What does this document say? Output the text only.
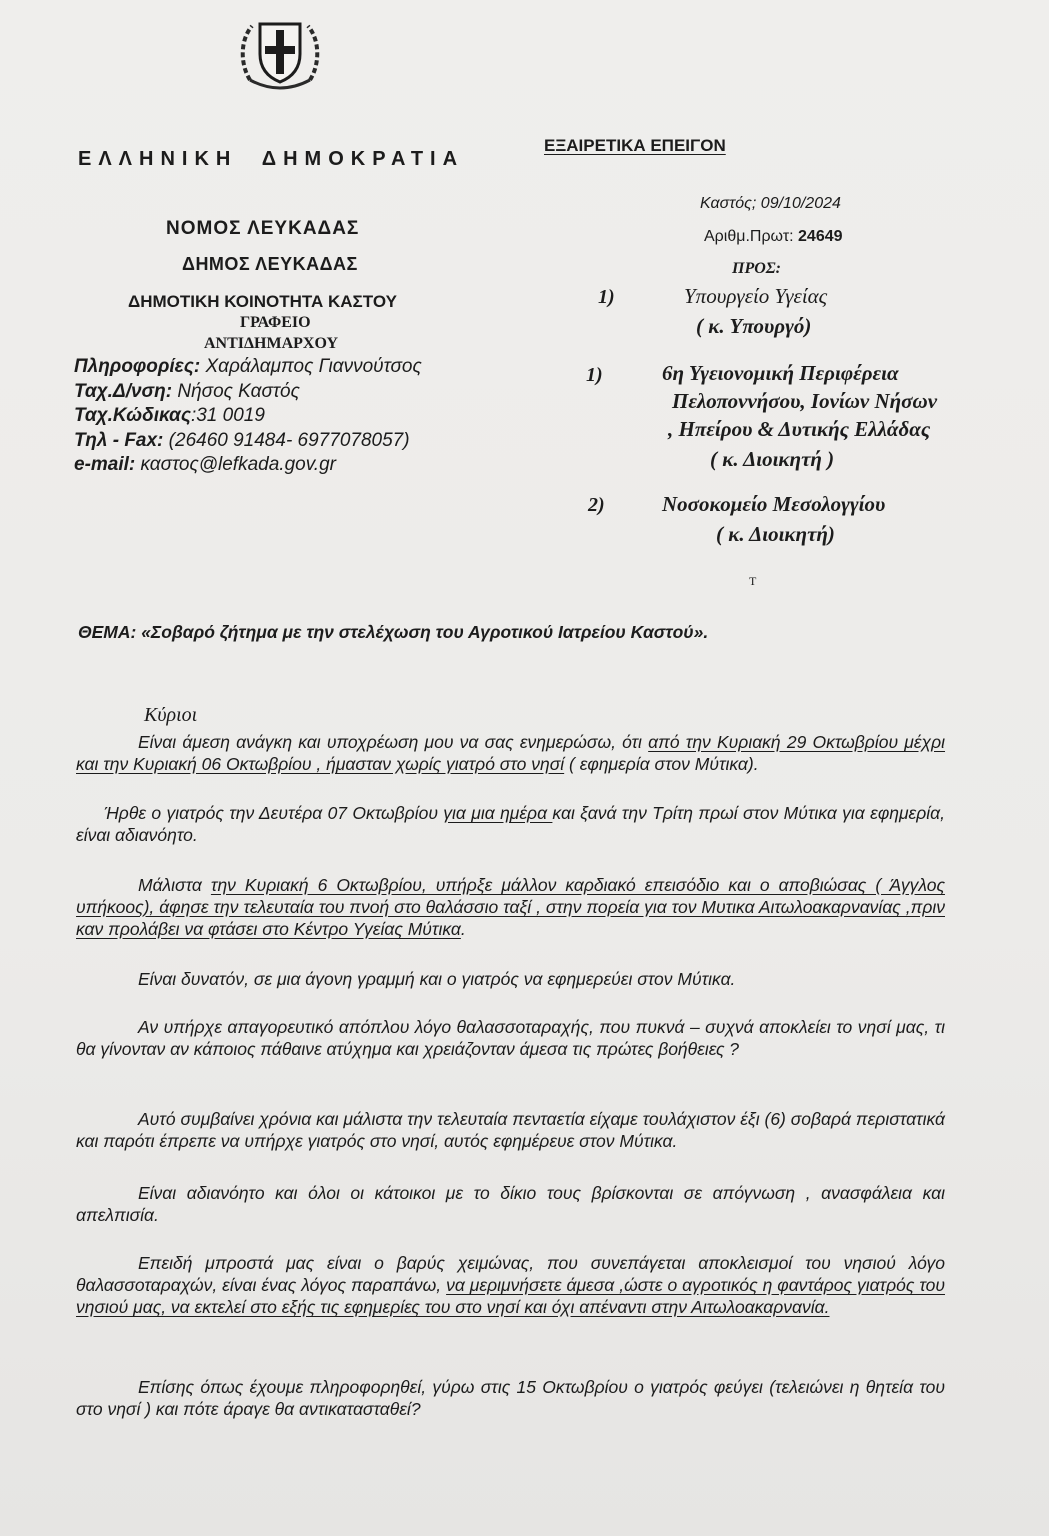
ΕΛΛΗΝΙΚΗ  ΔΗΜΟΚΡΑΤΙΑ
ΕΞΑΙΡΕΤΙΚΑ ΕΠΕΙΓΟΝ
ΝΟΜΟΣ ΛΕΥΚΑΔΑΣ
ΔΗΜΟΣ ΛΕΥΚΑΔΑΣ
ΔΗΜΟΤΙΚΗ ΚΟΙΝΟΤΗΤΑ ΚΑΣΤΟΥ
ΓΡΑΦΕΙΟ
ΑΝΤΙΔΗΜΑΡΧΟΥ
Πληροφορίες: Χαράλαμπος Γιαννούτσος
Ταχ.Δ/νση: Νήσος Καστός
Ταχ.Κώδικας:31 0019
Τηλ - Fax: (26460 91484- 6977078057)
e-mail: καστος@lefkada.gov.gr
Καστός; 09/10/2024
Αριθμ.Πρωτ: 24649
ΠΡΟΣ:
1)	Υπουργείο Υγείας
( κ. Υπουργό)
1)	6η Υγειονομική Περιφέρεια
Πελοποννήσου, Ιονίων Νήσων
, Ηπείρου & Δυτικής Ελλάδας
( κ. Διοικητή )
2)	Νοσοκομείο Μεσολογγίου
( κ. Διοικητή)
T
ΘΕΜΑ: «Σοβαρό ζήτημα με την στελέχωση του Αγροτικού Ιατρείου Καστού».
Κύριοι

Είναι άμεση ανάγκη και υποχρέωση μου να σας ενημερώσω, ότι από την Κυριακή 29 Οκτωβρίου μέχρι και την Κυριακή 06 Οκτωβρίου , ήμασταν χωρίς γιατρό στο νησί ( εφημερία στον Μύτικα).

Ήρθε ο γιατρός την Δευτέρα 07 Οκτωβρίου για μια ημέρα και ξανά την Τρίτη πρωί στον Μύτικα για εφημερία, είναι αδιανόητο.

Μάλιστα την Κυριακή 6 Οκτωβρίου, υπήρξε μάλλον καρδιακό επεισόδιο και ο αποβιώσας ( Άγγλος υπήκοος), άφησε την τελευταία του πνοή στο θαλάσσιο ταξί , στην πορεία για τον Μυτικα Αιτωλοακαρνανίας ,πριν καν προλάβει να φτάσει στο Κέντρο Υγείας Μύτικα.

Είναι δυνατόν, σε μια άγονη γραμμή και ο γιατρός να εφημερεύει στον Μύτικα.

Αν υπήρχε απαγορευτικό απόπλου λόγο θαλασσοταραχής, που πυκνά – συχνά αποκλείει το νησί μας, τι θα γίνονταν αν κάποιος πάθαινε ατύχημα και χρειάζονταν άμεσα τις πρώτες βοήθειες ?

Αυτό συμβαίνει χρόνια και μάλιστα την τελευταία πενταετία είχαμε τουλάχιστον έξι (6) σοβαρά περιστατικά και παρότι έπρεπε να υπήρχε γιατρός στο νησί, αυτός εφημέρευε στον Μύτικα.

Είναι αδιανόητο και όλοι οι κάτοικοι με το δίκιο τους βρίσκονται σε απόγνωση , ανασφάλεια και απελπισία.

Επειδή μπροστά μας είναι ο βαρύς χειμώνας, που συνεπάγεται αποκλεισμοί του νησιού λόγο θαλασσοταραχών, είναι ένας λόγος παραπάνω, να μεριμνήσετε άμεσα ,ώστε ο αγροτικός η φαντάρος γιατρός του νησιού μας, να εκτελεί στο εξής τις εφημερίες του στο νησί και όχι απέναντι στην Αιτωλοακαρνανία.

Επίσης όπως έχουμε πληροφορηθεί, γύρω στις 15 Οκτωβρίου ο γιατρός φεύγει (τελειώνει η θητεία του στο νησί ) και πότε άραγε θα αντικατασταθεί?
